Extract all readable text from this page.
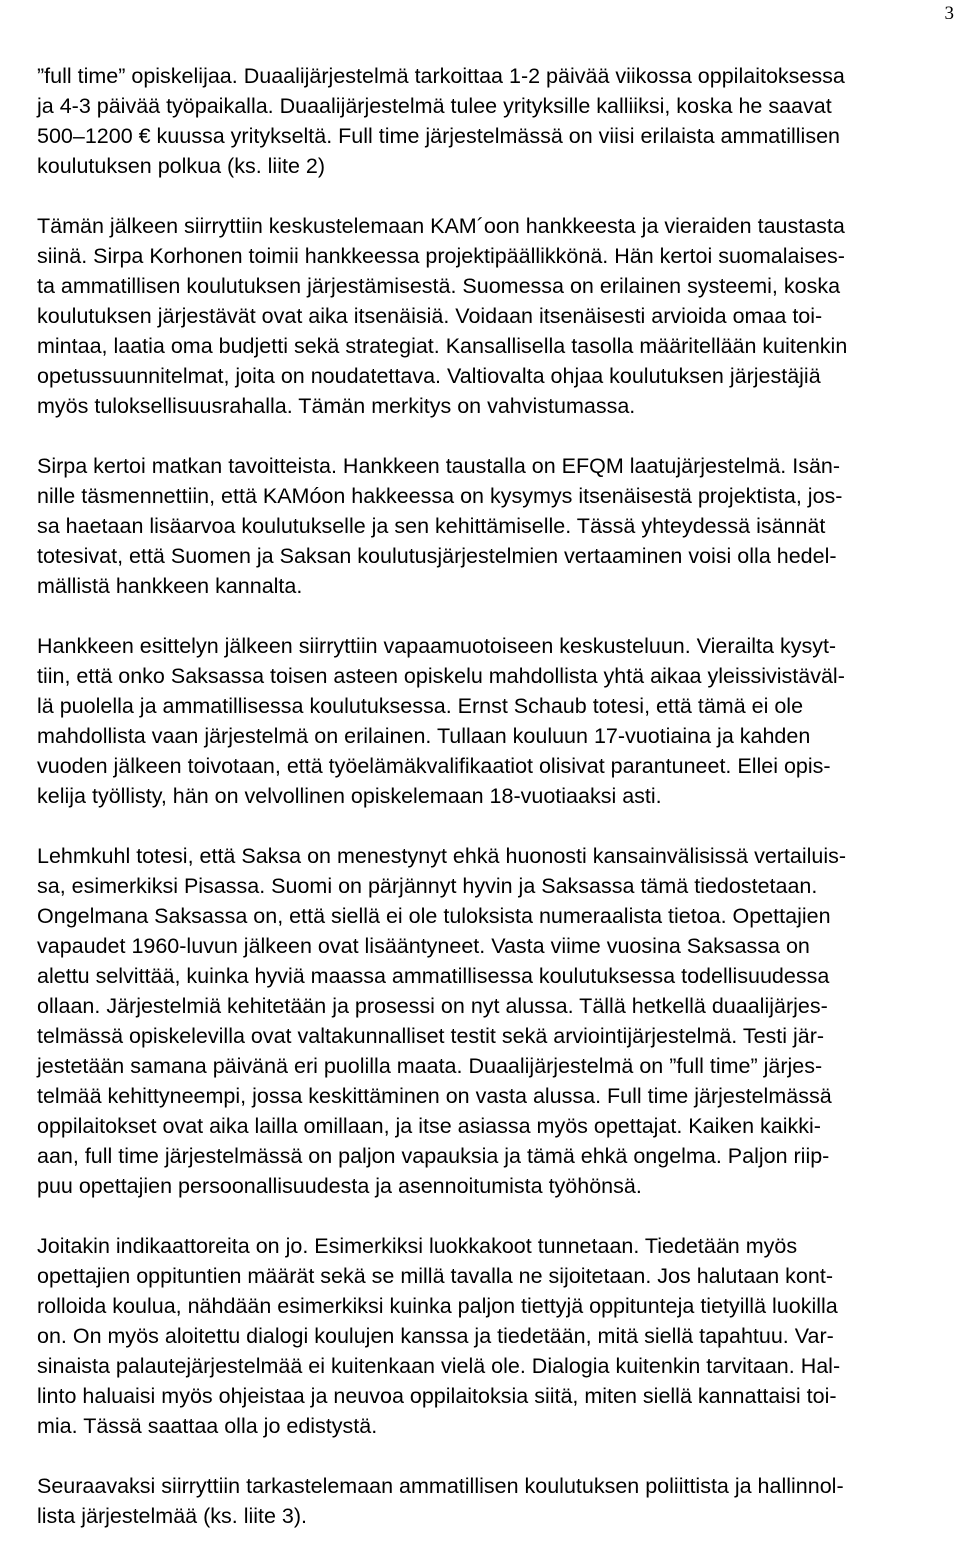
3
”full time” opiskelijaa. Duaalijärjestelmä tarkoittaa 1-2 päivää viikossa oppilaitoksessa
ja 4-3 päivää työpaikalla. Duaalijärjestelmä tulee yrityksille kalliiksi, koska he saavat
500–1200 € kuussa yritykseltä. Full time järjestelmässä on viisi erilaista ammatillisen
koulutuksen polkua (ks. liite 2)
Tämän jälkeen siirryttiin keskustelemaan KAM´oon hankkeesta ja vieraiden taustasta
siinä. Sirpa Korhonen toimii hankkeessa projektipäällikkönä. Hän kertoi suomalaises-
ta ammatillisen koulutuksen järjestämisestä. Suomessa on erilainen systeemi, koska
koulutuksen järjestävät ovat aika itsenäisiä. Voidaan itsenäisesti arvioida omaa toi-
mintaa, laatia oma budjetti sekä strategiat. Kansallisella tasolla määritellään kuitenkin
opetussuunnitelmat, joita on noudatettava. Valtiovalta ohjaa koulutuksen järjestäjiä
myös tuloksellisuusrahalla. Tämän merkitys on vahvistumassa.
Sirpa kertoi matkan tavoitteista. Hankkeen taustalla on EFQM laatujärjestelmä. Isän-
nille täsmennettiin, että KAMóon hakkeessa on kysymys itsenäisestä projektista, jos-
sa haetaan lisäarvoa koulutukselle ja sen kehittämiselle. Tässä yhteydessä isännät
totesivat, että Suomen ja Saksan koulutusjärjestelmien vertaaminen voisi olla hedel-
mällistä hankkeen kannalta.
Hankkeen esittelyn jälkeen siirryttiin vapaamuotoiseen keskusteluun. Vierailta kysyt-
tiin, että onko Saksassa toisen asteen opiskelu mahdollista yhtä aikaa yleissivistäväl-
lä puolella ja ammatillisessa koulutuksessa. Ernst Schaub totesi, että tämä ei ole
mahdollista vaan järjestelmä on erilainen. Tullaan kouluun 17-vuotiaina ja kahden
vuoden jälkeen toivotaan, että työelämäkvalifikaatiot olisivat parantuneet. Ellei opis-
kelija työllisty, hän on velvollinen opiskelemaan 18-vuotiaaksi asti.
Lehmkuhl totesi, että Saksa on menestynyt ehkä huonosti kansainvälisissä vertailuis-
sa, esimerkiksi Pisassa. Suomi on pärjännyt hyvin ja Saksassa tämä tiedostetaan.
Ongelmana Saksassa on, että siellä ei ole tuloksista numeraalista tietoa. Opettajien
vapaudet 1960-luvun jälkeen ovat lisääntyneet. Vasta viime vuosina Saksassa on
alettu selvittää, kuinka hyviä maassa ammatillisessa koulutuksessa todellisuudessa
ollaan. Järjestelmiä kehitetään ja prosessi on nyt alussa. Tällä hetkellä duaalijärjes-
telmässä opiskelevilla ovat valtakunnalliset testit sekä arviointijärjestelmä. Testi jär-
jestetään samana päivänä eri puolilla maata. Duaalijärjestelmä on ”full time” järjes-
telmää kehittyneempi, jossa keskittäminen on vasta alussa. Full time järjestelmässä
oppilaitokset ovat aika lailla omillaan, ja itse asiassa myös opettajat. Kaiken kaikki-
aan, full time järjestelmässä on paljon vapauksia ja tämä ehkä ongelma. Paljon riip-
puu opettajien persoonallisuudesta ja asennoitumista työhönsä.
Joitakin indikaattoreita on jo. Esimerkiksi luokkakoot tunnetaan. Tiedetään myös
opettajien oppituntien määrät sekä se millä tavalla ne sijoitetaan. Jos halutaan kont-
rolloida koulua, nähdään esimerkiksi kuinka paljon tiettyjä oppitunteja tietyillä luokilla
on. On myös aloitettu dialogi koulujen kanssa ja tiedetään, mitä siellä tapahtuu. Var-
sinaista palautejärjestelmää ei kuitenkaan vielä ole. Dialogia kuitenkin tarvitaan. Hal-
linto haluaisi myös ohjeistaa ja neuvoa oppilaitoksia siitä, miten siellä kannattaisi toi-
mia. Tässä saattaa olla jo edistystä.
Seuraavaksi siirryttiin tarkastelemaan ammatillisen koulutuksen poliittista ja hallinnol-
lista järjestelmää (ks. liite 3).
